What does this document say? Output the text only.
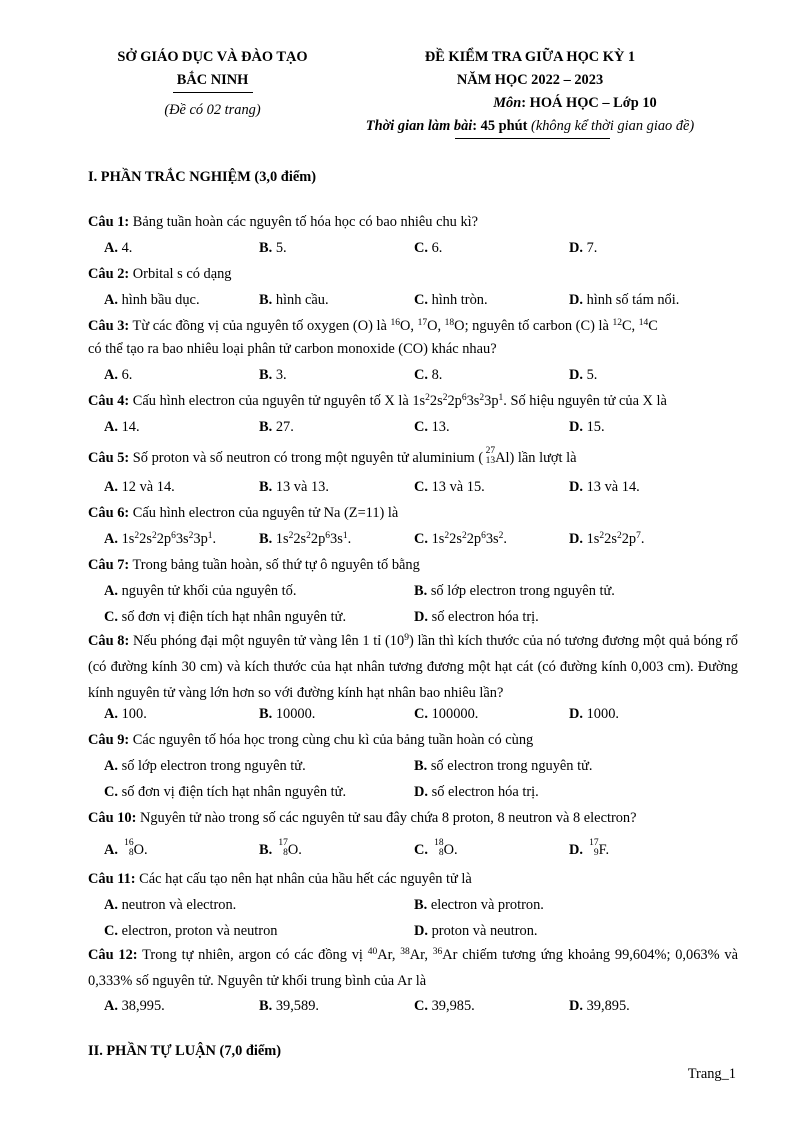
SỞ GIÁO DỤC VÀ ĐÀO TẠO
BẮC NINH
(Đề có 02 trang)
ĐỀ KIỂM TRA GIỮA HỌC KỲ 1
NĂM HỌC 2022 – 2023
Môn: HOÁ HỌC – Lớp 10
Thời gian làm bài: 45 phút (không kể thời gian giao đề)
I. PHẦN TRẮC NGHIỆM (3,0 điểm)
Câu 1: Bảng tuần hoàn các nguyên tố hóa học có bao nhiêu chu kì?
A. 4.	B. 5.	C. 6.	D. 7.
Câu 2: Orbital s có dạng
A. hình bầu dục.	B. hình cầu.	C. hình tròn.	D. hình số tám nổi.
Câu 3: Từ các đồng vị của nguyên tố oxygen (O) là $^{16}$O, $^{17}$O, $^{18}$O; nguyên tố carbon (C) là $^{12}$C, $^{14}$C
có thể tạo ra bao nhiêu loại phân tử carbon monoxide (CO) khác nhau?
A. 6.	B. 3.	C. 8.	D. 5.
Câu 4: Cấu hình electron của nguyên tử nguyên tố X là $1s^22s^22p^63s^23p^1$. Số hiệu nguyên tử của X là
A. 14.	B. 27.	C. 13.	D. 15.
Câu 5: Số proton và số neutron có trong một nguyên tử aluminium ( 27
13 Al) lần lượt là
A. 12 và 14.	B. 13 và 13.	C. 13 và 15.	D. 13 và 14.
Câu 6: Cấu hình electron của nguyên tử Na (Z=11) là
A. $1s^22s^22p^63s^23p^1$.	B. $1s^22s^22p^63s^1$.	C. $1s^22s^22p^63s^2$.	D. $1s^22s^22p^7$.
Câu 7: Trong bảng tuần hoàn, số thứ tự ô nguyên tố bằng
A. nguyên tử khối của nguyên tố.	B. số lớp electron trong nguyên tử.
C. số đơn vị điện tích hạt nhân nguyên tử.	D. số electron hóa trị.
Câu 8: Nếu phóng đại một nguyên tử vàng lên 1 tỉ $(10^9)$ lần thì kích thước của nó tương đương một quả bóng rổ (có đường kính 30 cm) và kích thước của hạt nhân tương đương một hạt cát (có đường kính 0,003 cm). Đường kính nguyên tử vàng lớn hơn so với đường kính hạt nhân bao nhiêu lần?
A. 100.	B. 10000.	C. 100000.	D. 1000.
Câu 9: Các nguyên tố hóa học trong cùng chu kì của bảng tuần hoàn có cùng
A. số lớp electron trong nguyên tử.	B. số electron trong nguyên tử.
C. số đơn vị điện tích hạt nhân nguyên tử.	D. số electron hóa trị.
Câu 10: Nguyên tử nào trong số các nguyên tử sau đây chứa 8 proton, 8 neutron và 8 electron?
A. 16
8 O.	B. 17
8 O.	C. 18
8 O.	D. 17
9 F.
Câu 11: Các hạt cấu tạo nên hạt nhân của hầu hết các nguyên tử là
A. neutron và electron.	B. electron và protron.
C. electron, proton và neutron	D. proton và neutron.
Câu 12: Trong tự nhiên, argon có các đồng vị $^{40}$Ar, $^{38}$Ar, $^{36}$Ar chiếm tương ứng khoảng 99,604%; 0,063% và 0,333% số nguyên tử. Nguyên tử khối trung bình của Ar là
A. 38,995.	B. 39,589.	C. 39,985.	D. 39,895.
II. PHẦN TỰ LUẬN (7,0 điểm)
Trang_1
